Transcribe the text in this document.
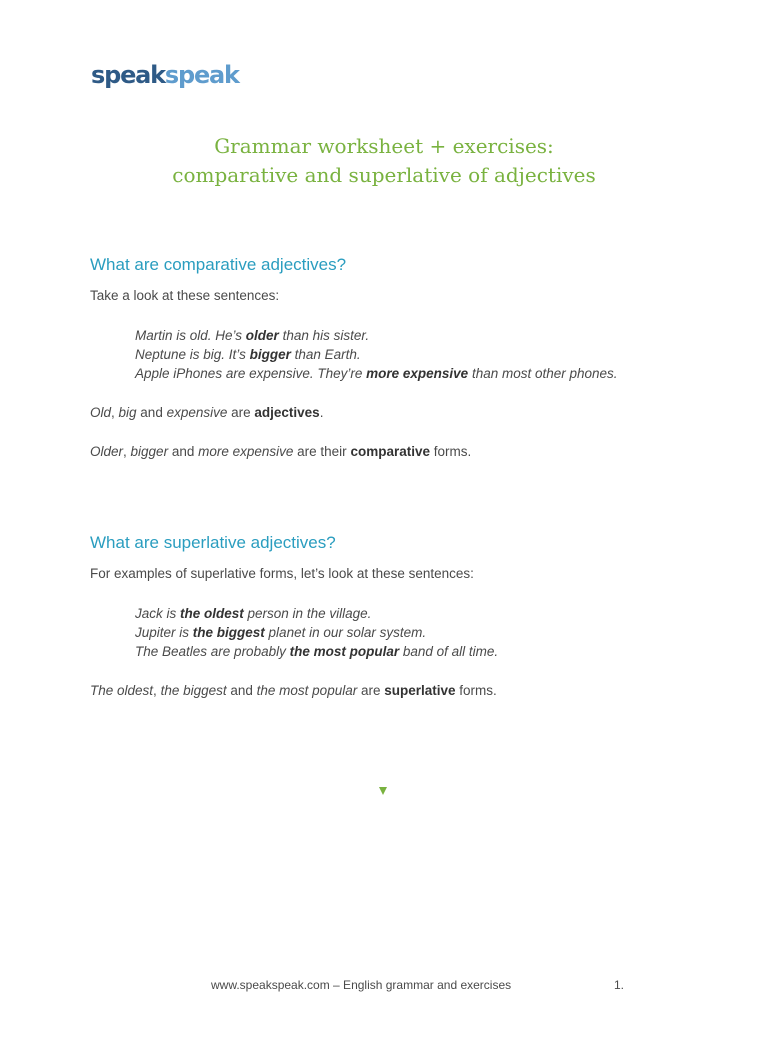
speakspeak
Grammar worksheet + exercises:
comparative and superlative of adjectives
What are comparative adjectives?

Take a look at these sentences:

Martin is old. He’s older than his sister.
Neptune is big. It’s bigger than Earth.
Apple iPhones are expensive. They’re more expensive than most other phones.

Old, big and expensive are adjectives.

Older, bigger and more expensive are their comparative forms.

What are superlative adjectives?

For examples of superlative forms, let’s look at these sentences:

Jack is the oldest person in the village.
Jupiter is the biggest planet in our solar system.
The Beatles are probably the most popular band of all time.

The oldest, the biggest and the most popular are superlative forms.

www.speakspeak.com – English grammar and exercises	1.
